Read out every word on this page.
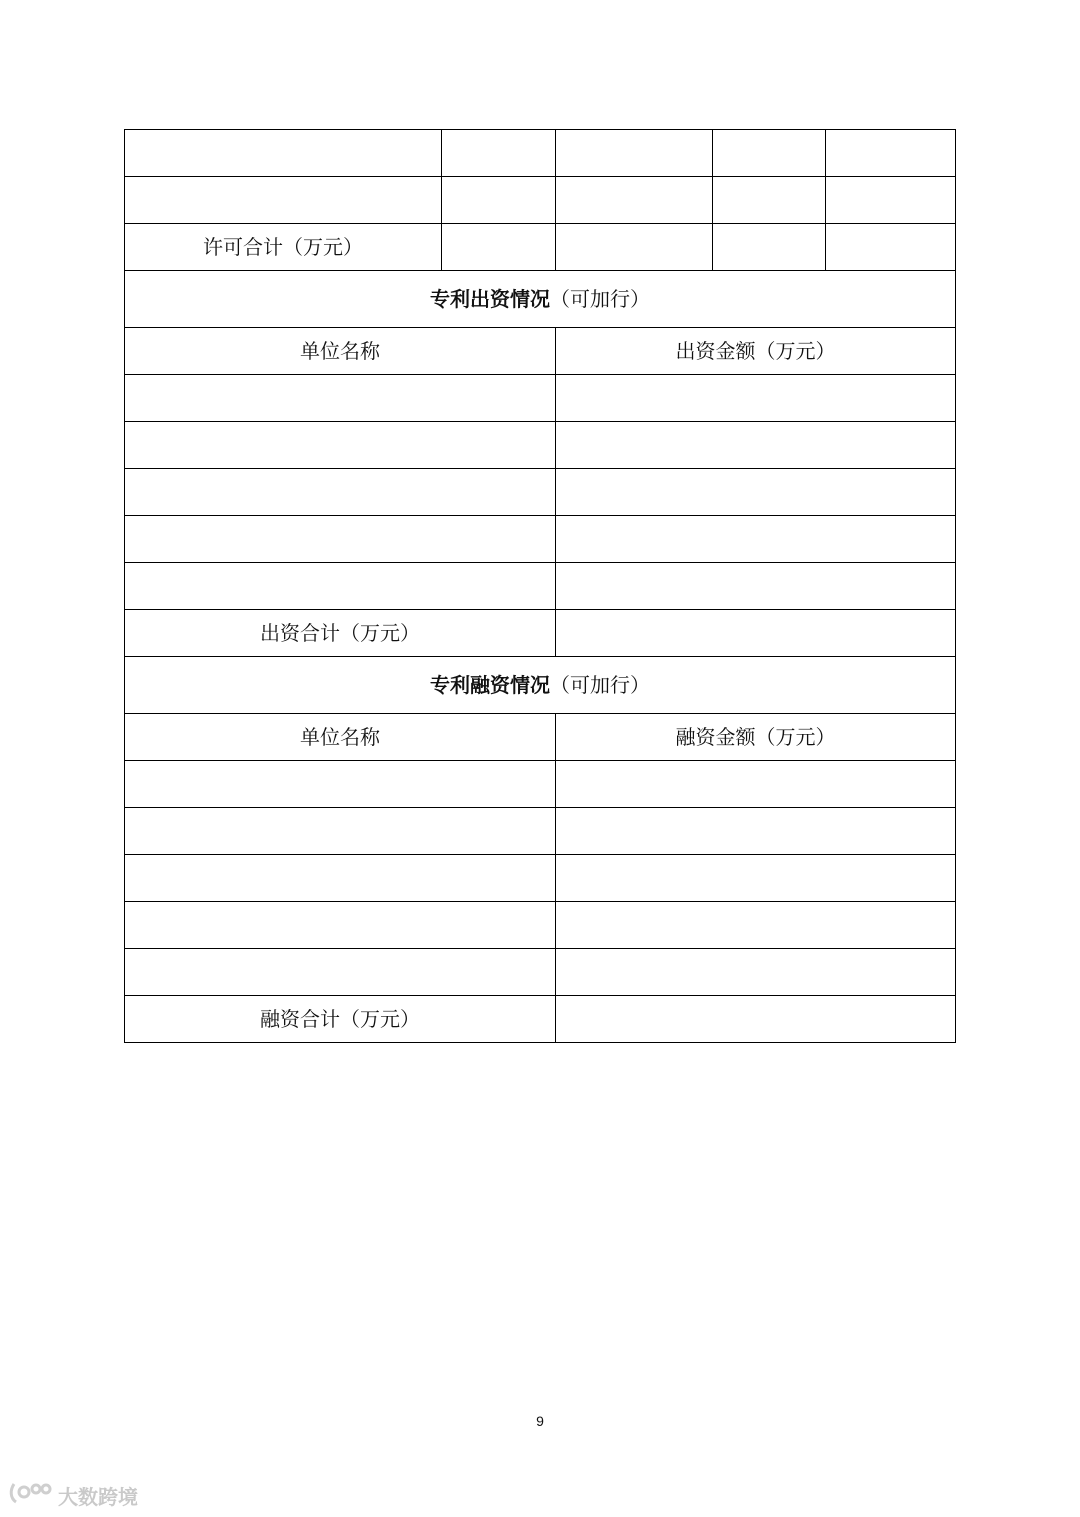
许可合计（万元）				
专利出资情况（可加行）				
单位名称		出资金额（万元）		

出资合计（万元）				
专利融资情况（可加行）				
单位名称		融资金额（万元）		

融资合计（万元）				
9
大数跨境
